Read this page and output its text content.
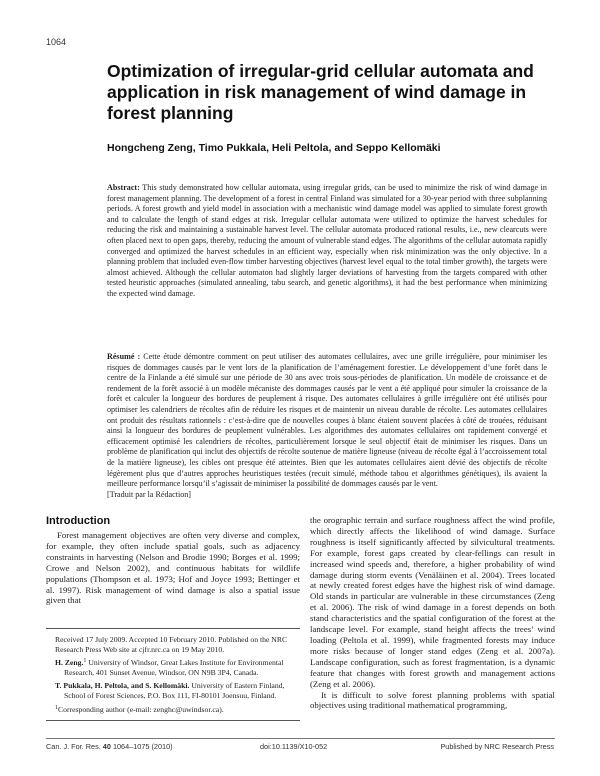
1064
Optimization of irregular-grid cellular automata and application in risk management of wind damage in forest planning
Hongcheng Zeng, Timo Pukkala, Heli Peltola, and Seppo Kellomäki
Abstract: This study demonstrated how cellular automata, using irregular grids, can be used to minimize the risk of wind damage in forest management planning. The development of a forest in central Finland was simulated for a 30-year period with three subplanning periods. A forest growth and yield model in association with a mechanistic wind damage model was applied to simulate forest growth and to calculate the length of stand edges at risk. Irregular cellular automata were utilized to optimize the harvest schedules for reducing the risk and maintaining a sustainable harvest level. The cellular automata produced rational results, i.e., new clearcuts were often placed next to open gaps, thereby, reducing the amount of vulnerable stand edges. The algorithms of the cellular automata rapidly converged and optimized the harvest schedules in an efficient way, especially when risk minimization was the only objective. In a planning problem that included even-flow timber harvesting objectives (harvest level equal to the total timber growth), the targets were almost achieved. Although the cellular automaton had slightly larger deviations of harvesting from the targets compared with other tested heuristic approaches (simulated annealing, tabu search, and genetic algorithms), it had the best performance when minimizing the expected wind damage.
Résumé : Cette étude démontre comment on peut utiliser des automates cellulaires, avec une grille irrégulière, pour minimiser les risques de dommages causés par le vent lors de la planification de l’aménagement forestier. Le développement d’une forêt dans le centre de la Finlande a été simulé sur une période de 30 ans avec trois sous-périodes de planification. Un modèle de croissance et de rendement de la forêt associé à un modèle mécaniste des dommages causés par le vent a été appliqué pour simuler la croissance de la forêt et calculer la longueur des bordures de peuplement à risque. Des automates cellulaires à grille irrégulière ont été utilisés pour optimiser les calendriers de récoltes afin de réduire les risques et de maintenir un niveau durable de récolte. Les automates cellulaires ont produit des résultats rationnels : c’est-à-dire que de nouvelles coupes à blanc étaient souvent placées à côté de trouées, réduisant ainsi la longueur des bordures de peuplement vulnérables. Les algorithmes des automates cellulaires ont rapidement convergé et efficacement optimisé les calendriers de récoltes, particulièrement lorsque le seul objectif était de minimiser les risques. Dans un problème de planification qui inclut des objectifs de récolte soutenue de matière ligneuse (niveau de récolte égal à l’accroissement total de la matière ligneuse), les cibles ont presque été atteintes. Bien que les automates cellulaires aient dévié des objectifs de récolte légèrement plus que d’autres approches heuristiques testées (recuit simulé, méthode tabou et algorithmes génétiques), ils avaient la meilleure performance lorsqu’il s’agissait de minimiser la possibilité de dommages causés par le vent.
[Traduit par la Rédaction]
Introduction
Forest management objectives are often very diverse and complex, for example, they often include spatial goals, such as adjacency constraints in harvesting (Nelson and Brodie 1990; Borges et al. 1999; Crowe and Nelson 2002), and continuous habitats for wildlife populations (Thompson et al. 1973; Hof and Joyce 1993; Bettinger et al. 1997). Risk management of wind damage is also a spatial issue given that

Received 17 July 2009. Accepted 10 February 2010. Published on the NRC Research Press Web site at cjfr.nrc.ca on 19 May 2010.

H. Zeng.$^1$ University of Windsor, Great Lakes Institute for Environmental Research, 401 Sunset Avenue, Windsor, ON N9B 3P4, Canada.

T. Pukkala, H. Peltola, and S. Kellomäki. University of Eastern Finland, School of Forest Sciences, P.O. Box 111, FI-80101 Joensuu, Finland.

$^1$Corresponding author (e-mail: zenghc@uwindsor.ca).

the orographic terrain and surface roughness affect the wind profile, which directly affects the likelihood of wind damage. Surface roughness is itself significantly affected by silvicultural treatments. For example, forest gaps created by clear-fellings can result in increased wind speeds and, therefore, a higher probability of wind damage during storm events (Venäläinen et al. 2004). Trees located at newly created forest edges have the highest risk of wind damage. Old stands in particular are vulnerable in these circumstances (Zeng et al. 2006). The risk of wind damage in a forest depends on both stand characteristics and the spatial configuration of the forest at the landscape level. For example, stand height affects the trees’ wind loading (Peltola et al. 1999), while fragmented forests may induce more risks because of longer stand edges (Zeng et al. 2007a). Landscape configuration, such as forest fragmentation, is a dynamic feature that changes with forest growth and management actions (Zeng et al. 2006).

It is difficult to solve forest planning problems with spatial objectives using traditional mathematical programming,

Can. J. For. Res. 40 1064–1075 (2010)	doi:10.1139/X10-052	Published by NRC Research Press
